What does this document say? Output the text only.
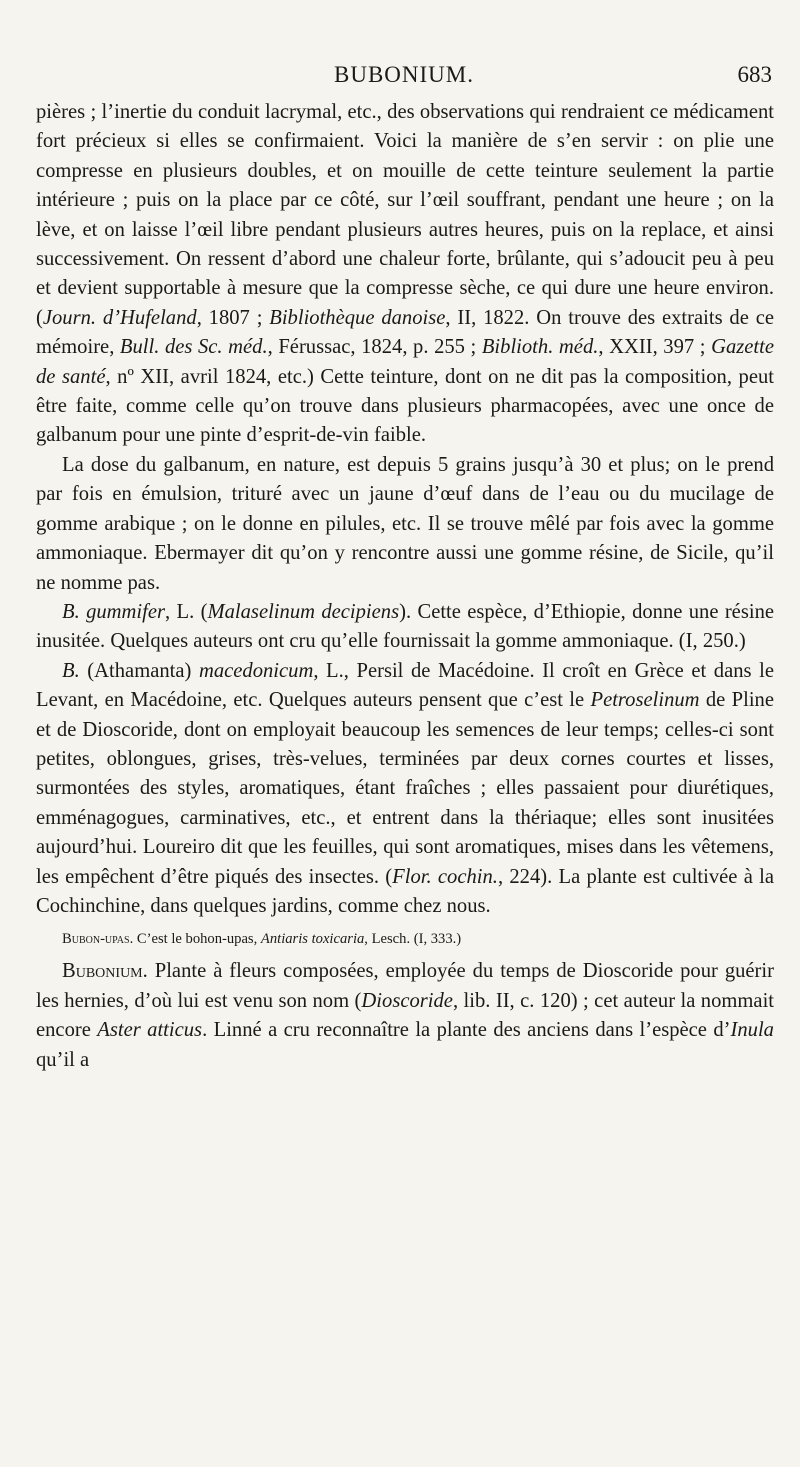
BUBONIUM.	683

pières ; l’inertie du conduit lacrymal, etc., des observations qui rendraient ce médicament fort précieux si elles se confirmaient. Voici la manière de s’en servir : on plie une compresse en plusieurs doubles, et on mouille de cette teinture seulement la partie intérieure ; puis on la place par ce côté, sur l’œil souffrant, pendant une heure ; on la lève, et on laisse l’œil libre pendant plusieurs autres heures, puis on la replace, et ainsi successivement. On ressent d’abord une chaleur forte, brûlante, qui s’adoucit peu à peu et devient supportable à mesure que la compresse sèche, ce qui dure une heure environ. (Journ. d’Hufeland, 1807 ; Bibliothèque danoise, II, 1822. On trouve des extraits de ce mémoire, Bull. des Sc. méd., Férussac, 1824, p. 255 ; Biblioth. méd., XXII, 397 ; Gazette de santé, nº XII, avril 1824, etc.) Cette teinture, dont on ne dit pas la composition, peut être faite, comme celle qu’on trouve dans plusieurs pharmacopées, avec une once de galbanum pour une pinte d’esprit-de-vin faible.

La dose du galbanum, en nature, est depuis 5 grains jusqu’à 30 et plus; on le prend par fois en émulsion, trituré avec un jaune d’œuf dans de l’eau ou du mucilage de gomme arabique ; on le donne en pilules, etc. Il se trouve mêlé par fois avec la gomme ammoniaque. Ebermayer dit qu’on y rencontre aussi une gomme résine, de Sicile, qu’il ne nomme pas.

B. gummifer, L. (Malaselinum decipiens). Cette espèce, d’Ethiopie, donne une résine inusitée. Quelques auteurs ont cru qu’elle fournissait la gomme ammoniaque. (I, 250.)

B. (Athamanta) macedonicum, L., Persil de Macédoine. Il croît en Grèce et dans le Levant, en Macédoine, etc. Quelques auteurs pensent que c’est le Petroselinum de Pline et de Dioscoride, dont on employait beaucoup les semences de leur temps; celles-ci sont petites, oblongues, grises, très-velues, terminées par deux cornes courtes et lisses, surmontées des styles, aromatiques, étant fraîches ; elles passaient pour diurétiques, emménagogues, carminatives, etc., et entrent dans la thériaque; elles sont inusitées aujourd’hui. Loureiro dit que les feuilles, qui sont aromatiques, mises dans les vêtemens, les empêchent d’être piqués des insectes. (Flor. cochin., 224). La plante est cultivée à la Cochinchine, dans quelques jardins, comme chez nous.

Bubon-upas. C’est le bohon-upas, Antiaris toxicaria, Lesch. (I, 333.)

Bubonium. Plante à fleurs composées, employée du temps de Dioscoride pour guérir les hernies, d’où lui est venu son nom (Dioscoride, lib. II, c. 120) ; cet auteur la nommait encore Aster atticus. Linné a cru reconnaître la plante des anciens dans l’espèce d’Inula qu’il a
